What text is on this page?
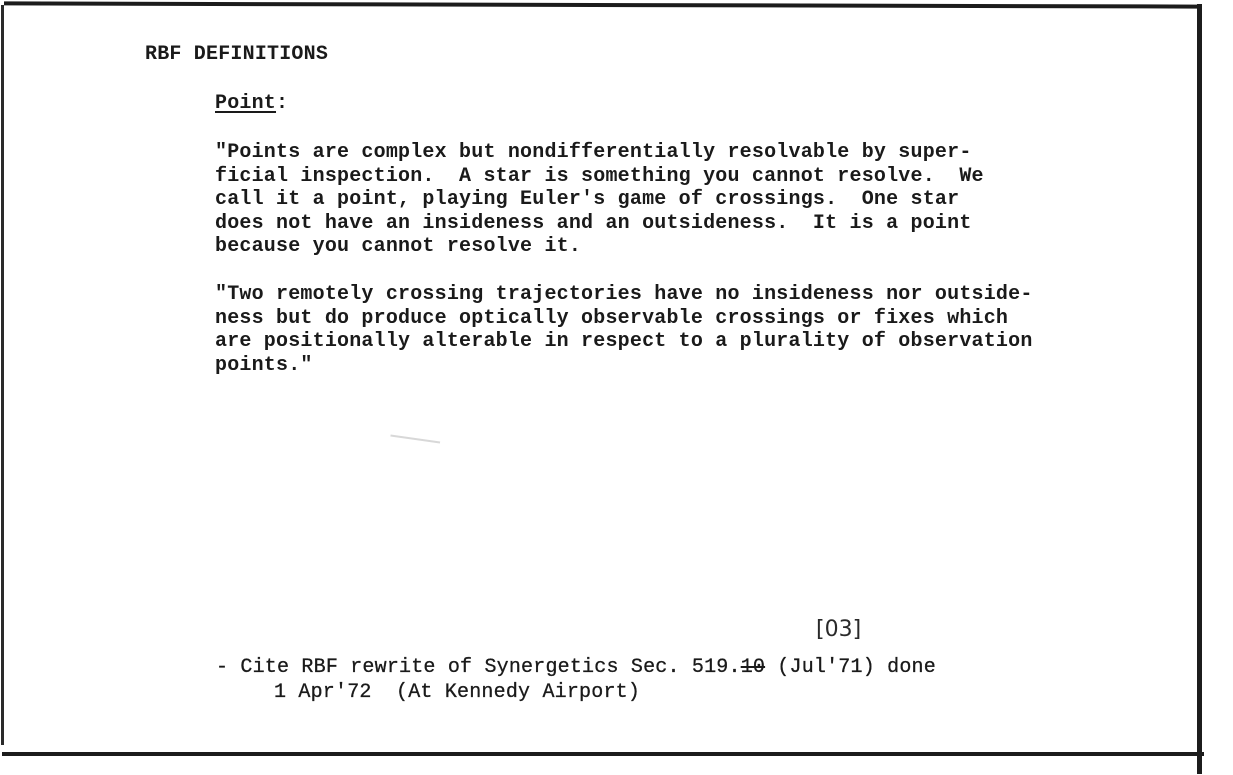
RBF DEFINITIONS
Point:
"Points are complex but nondifferentially resolvable by super-
ficial inspection.  A star is something you cannot resolve.  We
call it a point, playing Euler's game of crossings.  One star
does not have an insideness and an outsideness.  It is a point
because you cannot resolve it.
"Two remotely crossing trajectories have no insideness nor outside-
ness but do produce optically observable crossings or fixes which
are positionally alterable in respect to a plurality of observation
points."
[03]
- Cite RBF rewrite of Synergetics Sec. 519.10 (Jul'71) done
1 Apr'72  (At Kennedy Airport)
